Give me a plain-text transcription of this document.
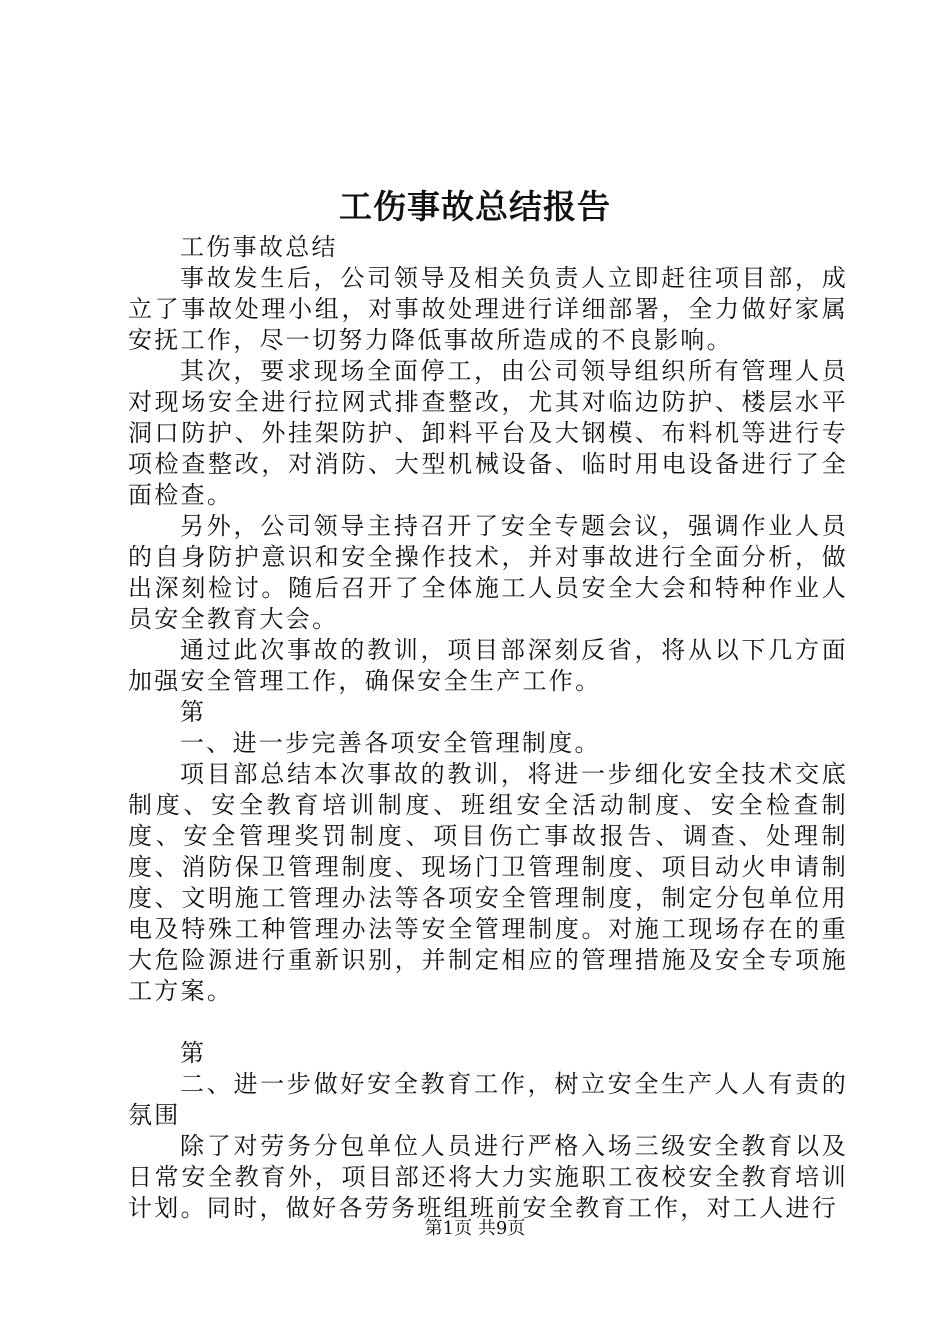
工伤事故总结报告

工伤事故总结

事故发生后，公司领导及相关负责人立即赶往项目部，成立了事故处理小组，对事故处理进行详细部署，全力做好家属安抚工作，尽一切努力降低事故所造成的不良影响。

其次，要求现场全面停工，由公司领导组织所有管理人员对现场安全进行拉网式排查整改，尤其对临边防护、楼层水平洞口防护、外挂架防护、卸料平台及大钢模、布料机等进行专项检查整改，对消防、大型机械设备、临时用电设备进行了全面检查。

另外，公司领导主持召开了安全专题会议，强调作业人员的自身防护意识和安全操作技术，并对事故进行全面分析，做出深刻检讨。随后召开了全体施工人员安全大会和特种作业人员安全教育大会。

通过此次事故的教训，项目部深刻反省，将从以下几方面加强安全管理工作，确保安全生产工作。

第

一、进一步完善各项安全管理制度。

项目部总结本次事故的教训，将进一步细化安全技术交底制度、安全教育培训制度、班组安全活动制度、安全检查制度、安全管理奖罚制度、项目伤亡事故报告、调查、处理制度、消防保卫管理制度、现场门卫管理制度、项目动火申请制度、文明施工管理办法等各项安全管理制度，制定分包单位用电及特殊工种管理办法等安全管理制度。对施工现场存在的重大危险源进行重新识别，并制定相应的管理措施及安全专项施工方案。

第

二、进一步做好安全教育工作，树立安全生产人人有责的氛围

除了对劳务分包单位人员进行严格入场三级安全教育以及日常安全教育外，项目部还将大力实施职工夜校安全教育培训计划。同时，做好各劳务班组班前安全教育工作，对工人进行

第1页 共9页
